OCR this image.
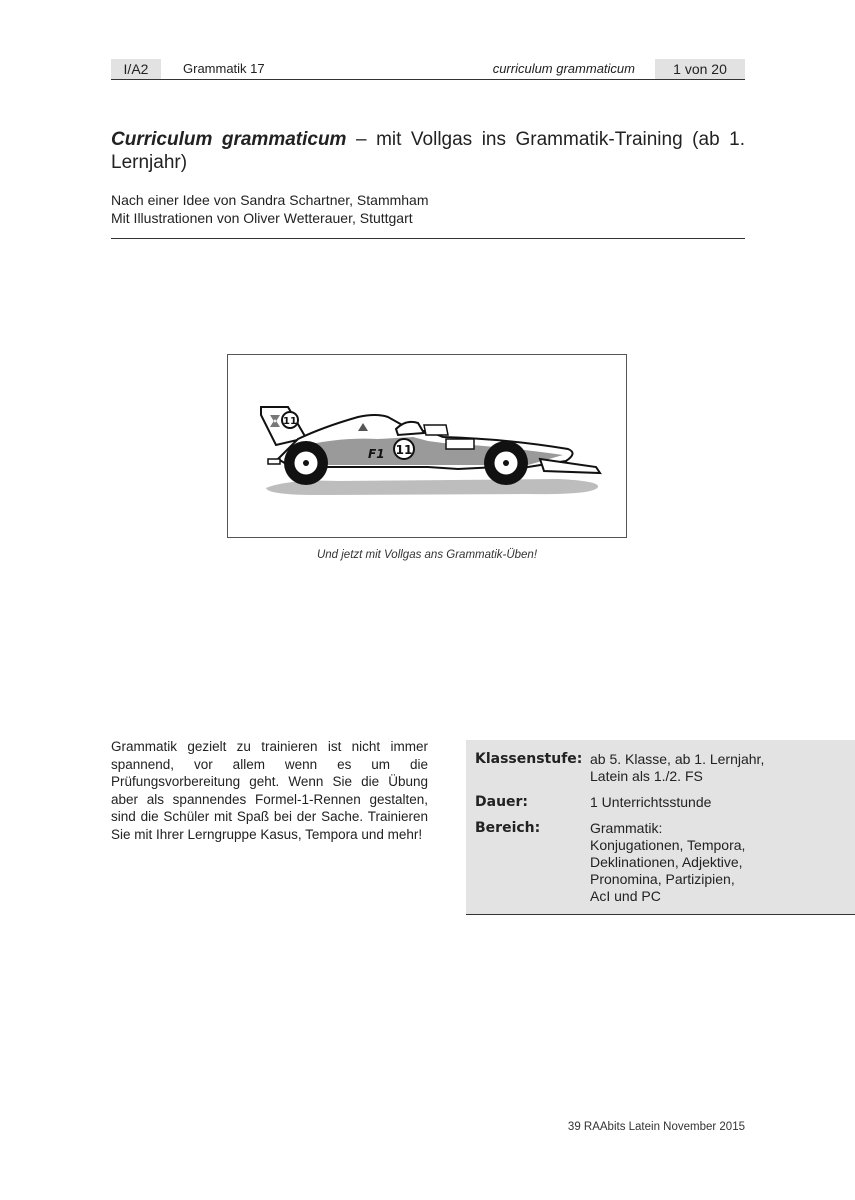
I/A2	Grammatik 17	curriculum grammaticum	1 von 20
Curriculum grammaticum – mit Vollgas ins Grammatik-Training (ab 1. Lernjahr)
Nach einer Idee von Sandra Schartner, Stammham
Mit Illustrationen von Oliver Wetterauer, Stuttgart
11
11
F1
Und jetzt mit Vollgas ans Grammatik-Üben!
Grammatik gezielt zu trainieren ist nicht immer spannend, vor allem wenn es um die Prüfungsvorbereitung geht. Wenn Sie die Übung aber als spannendes Formel-1-Rennen gestalten, sind die Schüler mit Spaß bei der Sache. Trainieren Sie mit Ihrer Lerngruppe Kasus, Tempora und mehr!
Klassenstufe: ab 5. Klasse, ab 1. Lernjahr,
Latein als 1./2. FS
Dauer:	1 Unterrichtsstunde
Bereich:	Grammatik:
Konjugationen, Tempora,
Deklinationen, Adjektive,
Pronomina, Partizipien,
AcI und PC
39 RAAbits Latein November 2015
